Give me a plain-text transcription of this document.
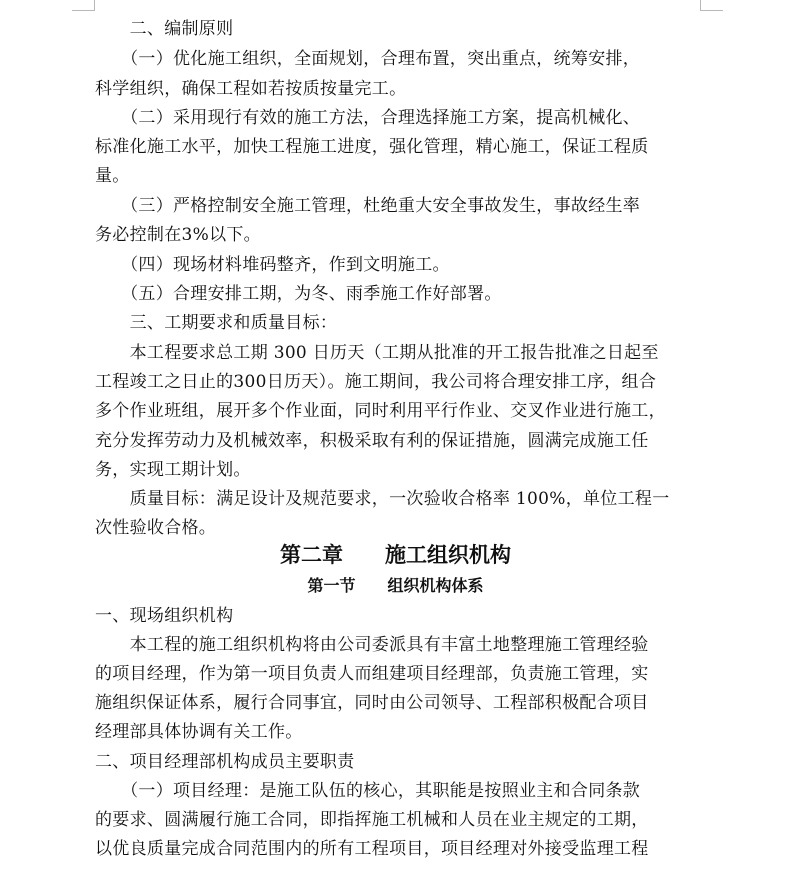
　　二、编制原则
　　（一）优化施工组织，全面规划，合理布置，突出重点，统筹安排，
科学组织，确保工程如若按质按量完工。
　　（二）采用现行有效的施工方法，合理选择施工方案，提高机械化、
标准化施工水平，加快工程施工进度，强化管理，精心施工，保证工程质
量。
　　（三）严格控制安全施工管理，杜绝重大安全事故发生，事故经生率
务必控制在3%以下。
　　（四）现场材料堆码整齐，作到文明施工。
　　（五）合理安排工期，为冬、雨季施工作好部署。
　　三、工期要求和质量目标：
　　本工程要求总工期 300 日历天（工期从批准的开工报告批准之日起至
工程竣工之日止的300日历天）。施工期间，我公司将合理安排工序，组合
多个作业班组，展开多个作业面，同时利用平行作业、交叉作业进行施工，
充分发挥劳动力及机械效率，积极采取有利的保证措施，圆满完成施工任
务，实现工期计划。
　　质量目标：满足设计及规范要求，一次验收合格率 100%，单位工程一
次性验收合格。
第二章　　施工组织机构
第一节　　组织机构体系
一、现场组织机构
　　本工程的施工组织机构将由公司委派具有丰富土地整理施工管理经验
的项目经理，作为第一项目负责人而组建项目经理部，负责施工管理，实
施组织保证体系，履行合同事宜，同时由公司领导、工程部积极配合项目
经理部具体协调有关工作。
二、项目经理部机构成员主要职责
　　（一）项目经理：是施工队伍的核心，其职能是按照业主和合同条款
的要求、圆满履行施工合同，即指挥施工机械和人员在业主规定的工期，
以优良质量完成合同范围内的所有工程项目，项目经理对外接受监理工程
